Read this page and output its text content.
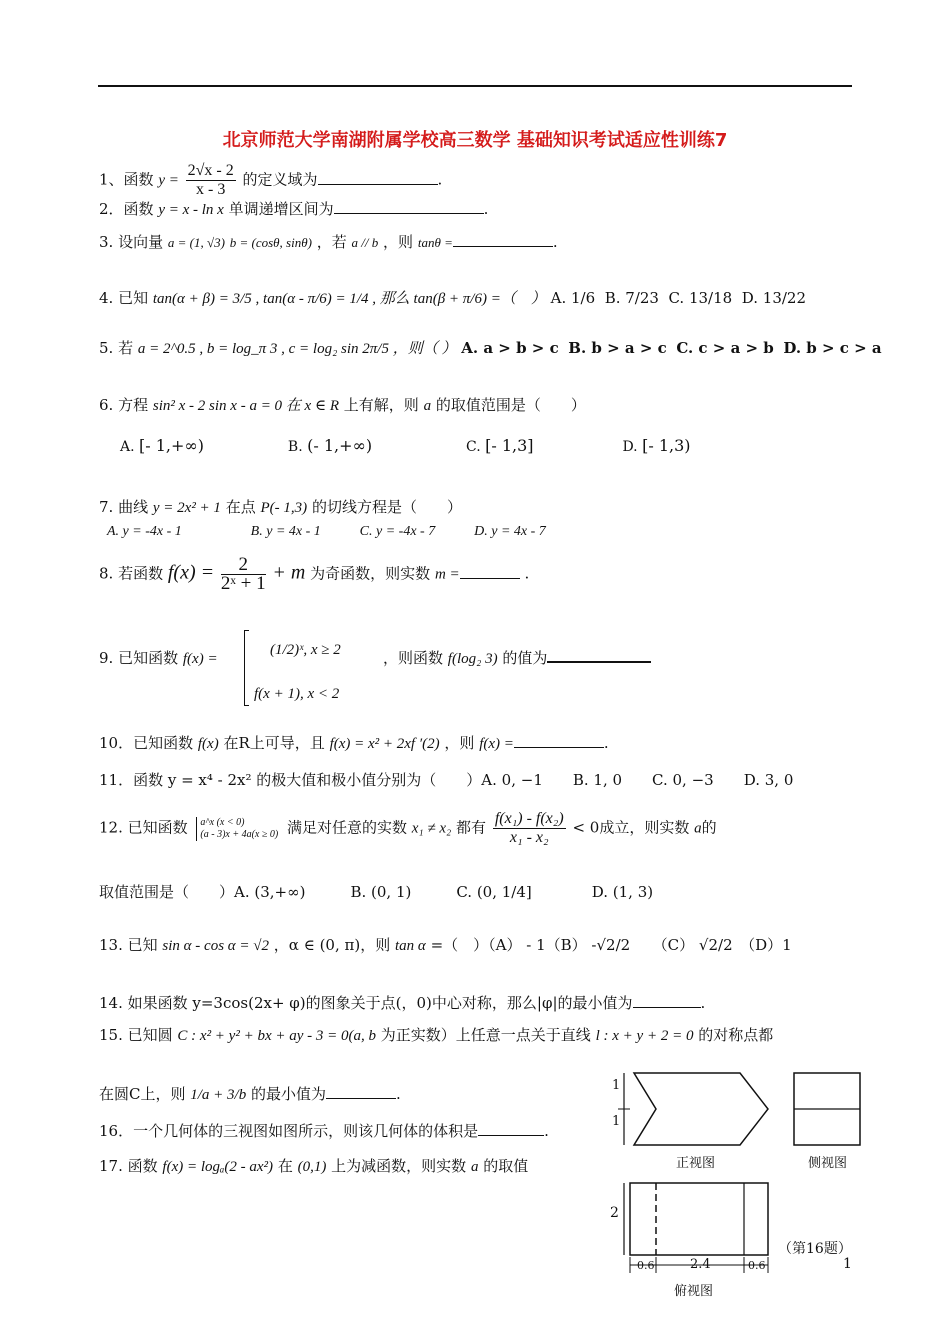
北京师范大学南湖附属学校高三数学 基础知识考试适应性训练7
1、函数 $y = \frac{2√x - 2}{x - 3}$ 的定义域为	.
2．函数 y = x - ln x 单调递增区间为	.
3. 设向量 a = (1, √3) b = (cosθ, sinθ) ，若 a // b ，则 tanθ =	.
4. 已知 tan(α + β) = 3/5 , tan(α - π/6) = 1/4 , 那么 tan(β + π/6) =（　） A. 1/6 B. 7/23 C. 13/18 D. 13/22
5. 若 a = 2^0.5 , b = log_π 3 , c = log₂ sin 2π/5 ，则（ ） A. a > b > c B. b > a > c C. c > a > b D. b > c > a
6. 方程 sin² x - 2 sin x - a = 0 在 x ∈ R 上有解，则 a 的取值范围是（　　）
A. [- 1,+∞)	B. (- 1,+∞)	C. [- 1,3]	D. [- 1,3)
7. 曲线 y = 2x² + 1 在点 P(- 1,3) 的切线方程是（　　）
A. y = -4x - 1	B. y = 4x - 1	C. y = -4x - 7	D. y = 4x - 7
8. 若函数 $f(x) = \frac{2}{\text{2ˣ + 1}} + m$ 为奇函数，则实数 m =	.
9. 已知函数 f(x) =
(1/2)ˣ, x ≥ 2
f(x + 1), x < 2
，则函数 f(log₂ 3) 的值为
10．已知函数 f(x) 在R上可导，且 f(x) = x² + 2xf ′(2) ，则 f(x) =	.
11．函数 y = x⁴ - 2x² 的极大值和极小值分别为（　　）A. 0, −1　　B. 1, 0　　C. 0, −3　　D. 3, 0
12. 已知函数 a^x (x < 0)
(a - 3)x + 4a(x ≥ 0) 满足对任意的实数 x₁ ≠ x₂ 都有 $\frac{\text{f(x₁) - f(x₂)}}{\text{x₁ - x₂}} < 0$成立，则实数 a的
取值范围是（　　）A. (3,+∞)　　　B. (0, 1)　　　C. (0, 1/4]　　　　D. (1, 3)
13. 已知 sin α - cos α = √2 ，α ∈ (0, π)，则 tan α =（　）（A） - 1（B） -√2/2　　（C） √2/2　（D）1
14. 如果函数 y=3cos(2x+ φ)的图象关于点(，0)中心对称，那么|φ|的最小值为	.
15. 已知圆 C : x² + y² + bx + ay - 3 = 0(a, b 为正实数）上任意一点关于直线 l : x + y + 2 = 0 的对称点都
在圆C上，则 1/a + 3/b 的最小值为	.
16．一个几何体的三视图如图所示，则该几何体的体积是	.
17. 函数 f(x) = logₐ(2 - ax²) 在 (0,1) 上为减函数，则实数 a 的取值
1
1
正视图	侧视图
2
0.6	2.4	0.6
俯视图
（第16题）
1
